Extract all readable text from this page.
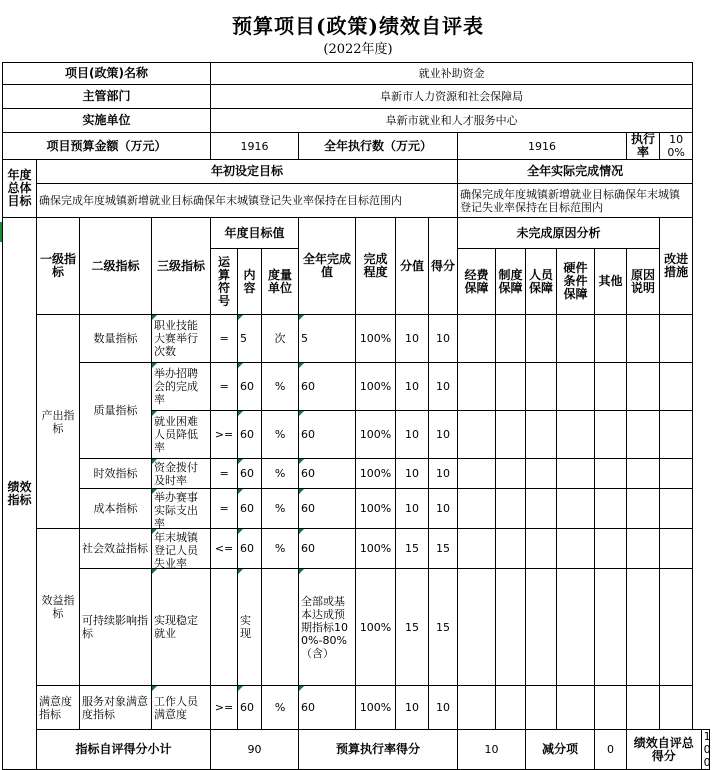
预算项目(政策)绩效自评表
(2022年度)
项目(政策)名称				就业补助资金														
主管部门				阜新市人力资源和社会保障局														
实施单位				阜新市就业和人才服务中心														
项目预算金额（万元）				1916			全年执行数（万元）				1916					执行率	100%	
年度总体目标	年初设定目标										全年实际完成情况							
	确保完成年度城镇新增就业目标确保年末城镇登记失业率保持在目标范围内										确保完成年度城镇新增就业目标确保年末城镇登记失业率保持在目标范围内							
绩效指标	一级指标	二级指标	三级指标	年度目标值			全年完成值	完成程度	分值	得分	未完成原因分析						改进措施	
				运算符号	内容	度量单位					经费保障	制度保障	人员保障	硬件条件保障	其他	原因说明		
	产出指标	数量指标	职业技能大赛举行次数	=	5	次	5	100%	10	10								
		质量指标	举办招聘会的完成率	=	60	%	60	100%	10	10								

			就业困难人员降低率	>=	60	%	60	100%	10	10								
		时效指标	资金拨付及时率	=	60	%	60	100%	10	10								
		成本指标	举办赛事实际支出率	=	60	%	60	100%	10	10								
	效益指标	社会效益指标	年末城镇登记人员失业率	<=	60	%	60	100%	15	15								
		可持续影响指标	实现稳定就业		实现		全部或基本达成预期指标100%-80%（含）	100%	15	15								
	满意度指标	服务对象满意度指标	工作人员满意度	>=	60	%	60	100%	10	10								
	指标自评得分小计			90			预算执行率得分				10		减分项		0	绩效自评总得分		100
